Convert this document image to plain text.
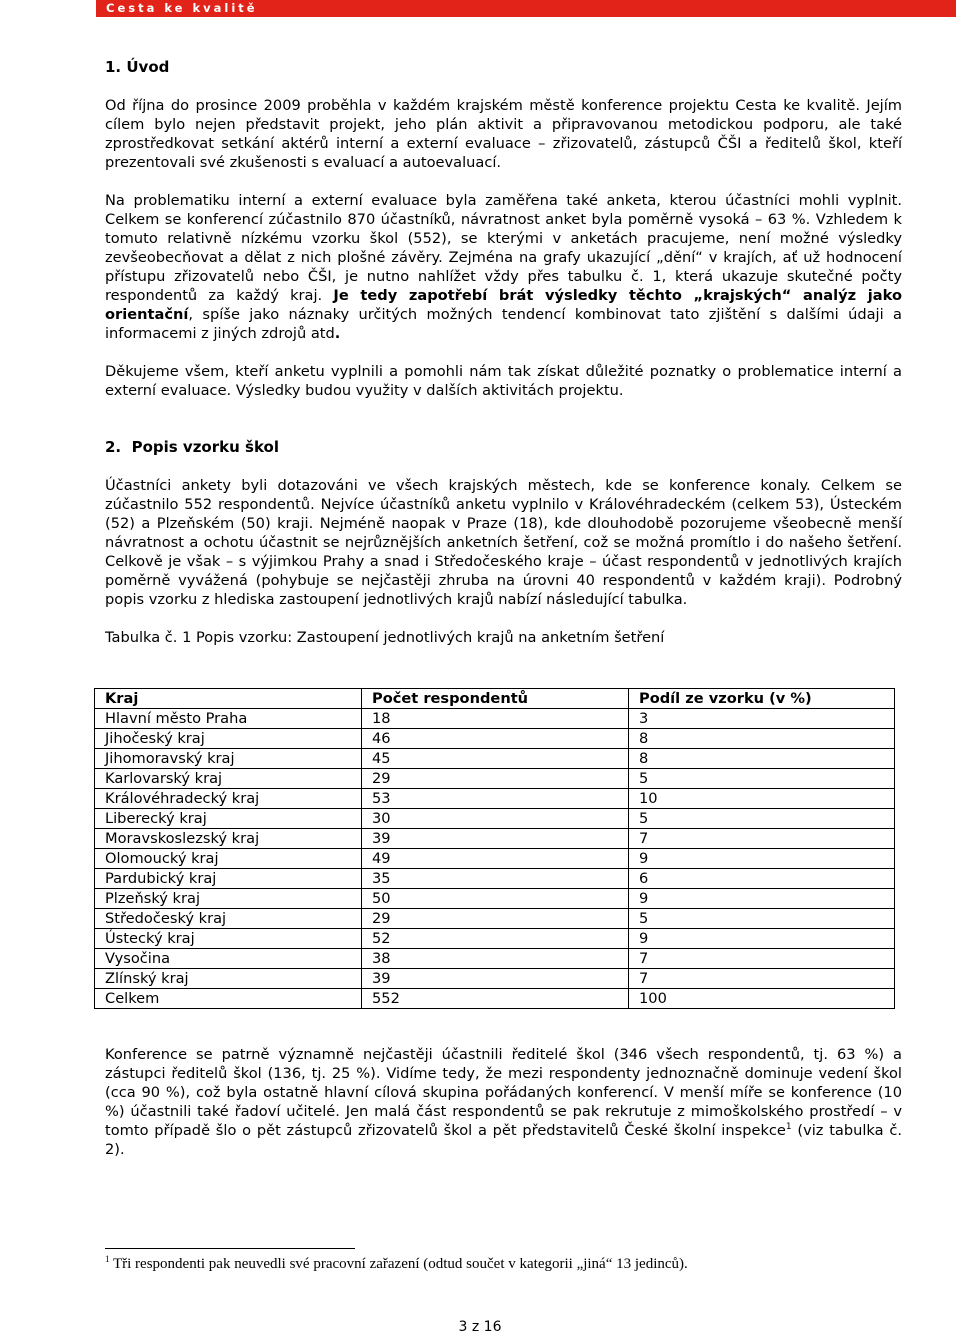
Cesta ke kvalitě
1. Úvod

Od října do prosince 2009 proběhla v každém krajském městě konference projektu Cesta ke kvalitě. Jejím cílem bylo nejen představit projekt, jeho plán aktivit a připravovanou metodickou podporu, ale také zprostředkovat setkání aktérů interní a externí evaluace – zřizovatelů, zástupců ČŠI a ředitelů škol, kteří prezentovali své zkušenosti s evaluací a autoevaluací.

Na problematiku interní a externí evaluace byla zaměřena také anketa, kterou účastníci mohli vyplnit. Celkem se konferencí zúčastnilo 870 účastníků, návratnost anket byla poměrně vysoká – 63 %. Vzhledem k tomuto relativně nízkému vzorku škol (552), se kterými v anketách pracujeme, není možné výsledky zevšeobecňovat a dělat z nich plošné závěry. Zejména na grafy ukazující „dění“ v krajích, ať už hodnocení přístupu zřizovatelů nebo ČŠI, je nutno nahlížet vždy přes tabulku č. 1, která ukazuje skutečné počty respondentů za každý kraj. Je tedy zapotřebí brát výsledky těchto „krajských“ analýz jako orientační, spíše jako náznaky určitých možných tendencí kombinovat tato zjištění s dalšími údaji a informacemi z jiných zdrojů atd.

Děkujeme všem, kteří anketu vyplnili a pomohli nám tak získat důležité poznatky o problematice interní a externí evaluace. Výsledky budou využity v dalších aktivitách projektu.

2. Popis vzorku škol

Účastníci ankety byli dotazováni ve všech krajských městech, kde se konference konaly. Celkem se zúčastnilo 552 respondentů. Nejvíce účastníků anketu vyplnilo v Královéhradeckém (celkem 53), Ústeckém (52) a Plzeňském (50) kraji. Nejméně naopak v Praze (18), kde dlouhodobě pozorujeme všeobecně menší návratnost a ochotu účastnit se nejrůznějších anketních šetření, což se možná promítlo i do našeho šetření. Celkově je však – s výjimkou Prahy a snad i Středočeského kraje – účast respondentů v jednotlivých krajích poměrně vyvážená (pohybuje se nejčastěji zhruba na úrovni 40 respondentů v každém kraji). Podrobný popis vzorku z hlediska zastoupení jednotlivých krajů nabízí následující tabulka.

Tabulka č. 1 Popis vzorku: Zastoupení jednotlivých krajů na anketním šetření

Kraj	Počet respondentů	Podíl ze vzorku (v %)
Hlavní město Praha	18	3
Jihočeský kraj	46	8
Jihomoravský kraj	45	8
Karlovarský kraj	29	5
Královéhradecký kraj	53	10
Liberecký kraj	30	5
Moravskoslezský kraj	39	7
Olomoucký kraj	49	9
Pardubický kraj	35	6
Plzeňský kraj	50	9
Středočeský kraj	29	5
Ústecký kraj	52	9
Vysočina	38	7
Zlínský kraj	39	7
Celkem	552	100

Konference se patrně významně nejčastěji účastnili ředitelé škol (346 všech respondentů, tj. 63 %) a zástupci ředitelů škol (136, tj. 25 %). Vidíme tedy, že mezi respondenty jednoznačně dominuje vedení škol (cca 90 %), což byla ostatně hlavní cílová skupina pořádaných konferencí. V menší míře se konference (10 %) účastnili také řadoví učitelé. Jen malá část respondentů se pak rekrutuje z mimoškolského prostředí – v tomto případě šlo o pět zástupců zřizovatelů škol a pět představitelů České školní inspekce$^1$ (viz tabulka č. 2).

$^1$ Tři respondenti pak neuvedli své pracovní zařazení (odtud součet v kategorii „jiná“ 13 jedinců).
3 z 16
